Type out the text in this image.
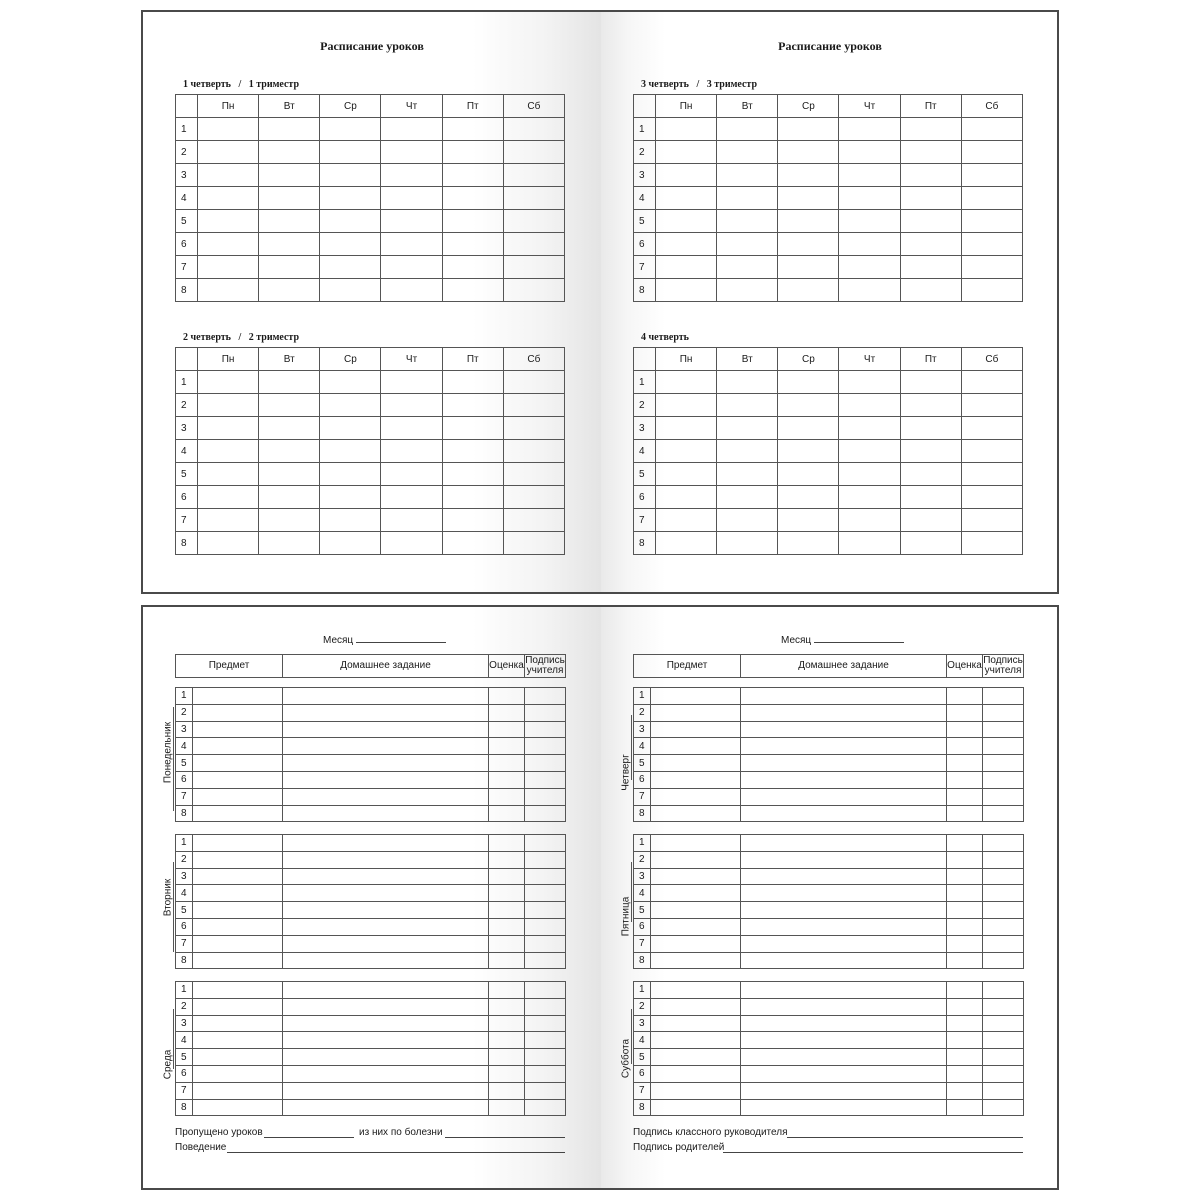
Расписание уроков
1 четверть   /   1 триместр
	Пн	Вт	Ср	Чт	Пт	Сб
1						
2						
3						
4						
5						
6						
7						
8						
2 четверть   /   2 триместр
	Пн	Вт	Ср	Чт	Пт	Сб
1						
2						
3						
4						
5						
6						
7						
8						
Расписание уроков
3 четверть   /   3 триместр
	Пн	Вт	Ср	Чт	Пт	Сб
1						
2						
3						
4						
5						
6						
7						
8						
4 четверть
	Пн	Вт	Ср	Чт	Пт	Сб
1						
2						
3						
4						
5						
6						
7						
8						
Месяц
Предмет	Домашнее задание	Оценка	Подпись
учителя
Понедельник
1				
2				
3				
4				
5				
6				
7				
8				
Вторник
1				
2				
3				
4				
5				
6				
7				
8				
Среда
1				
2				
3				
4				
5				
6				
7				
8				
Пропущено уроков	из них по болезни
Поведение
Месяц
Предмет	Домашнее задание	Оценка	Подпись
учителя
Четверг
1				
2				
3				
4				
5				
6				
7				
8				
Пятница
1				
2				
3				
4				
5				
6				
7				
8				
Суббота
1				
2				
3				
4				
5				
6				
7				
8				
Подпись классного руководителя
Подпись родителей
